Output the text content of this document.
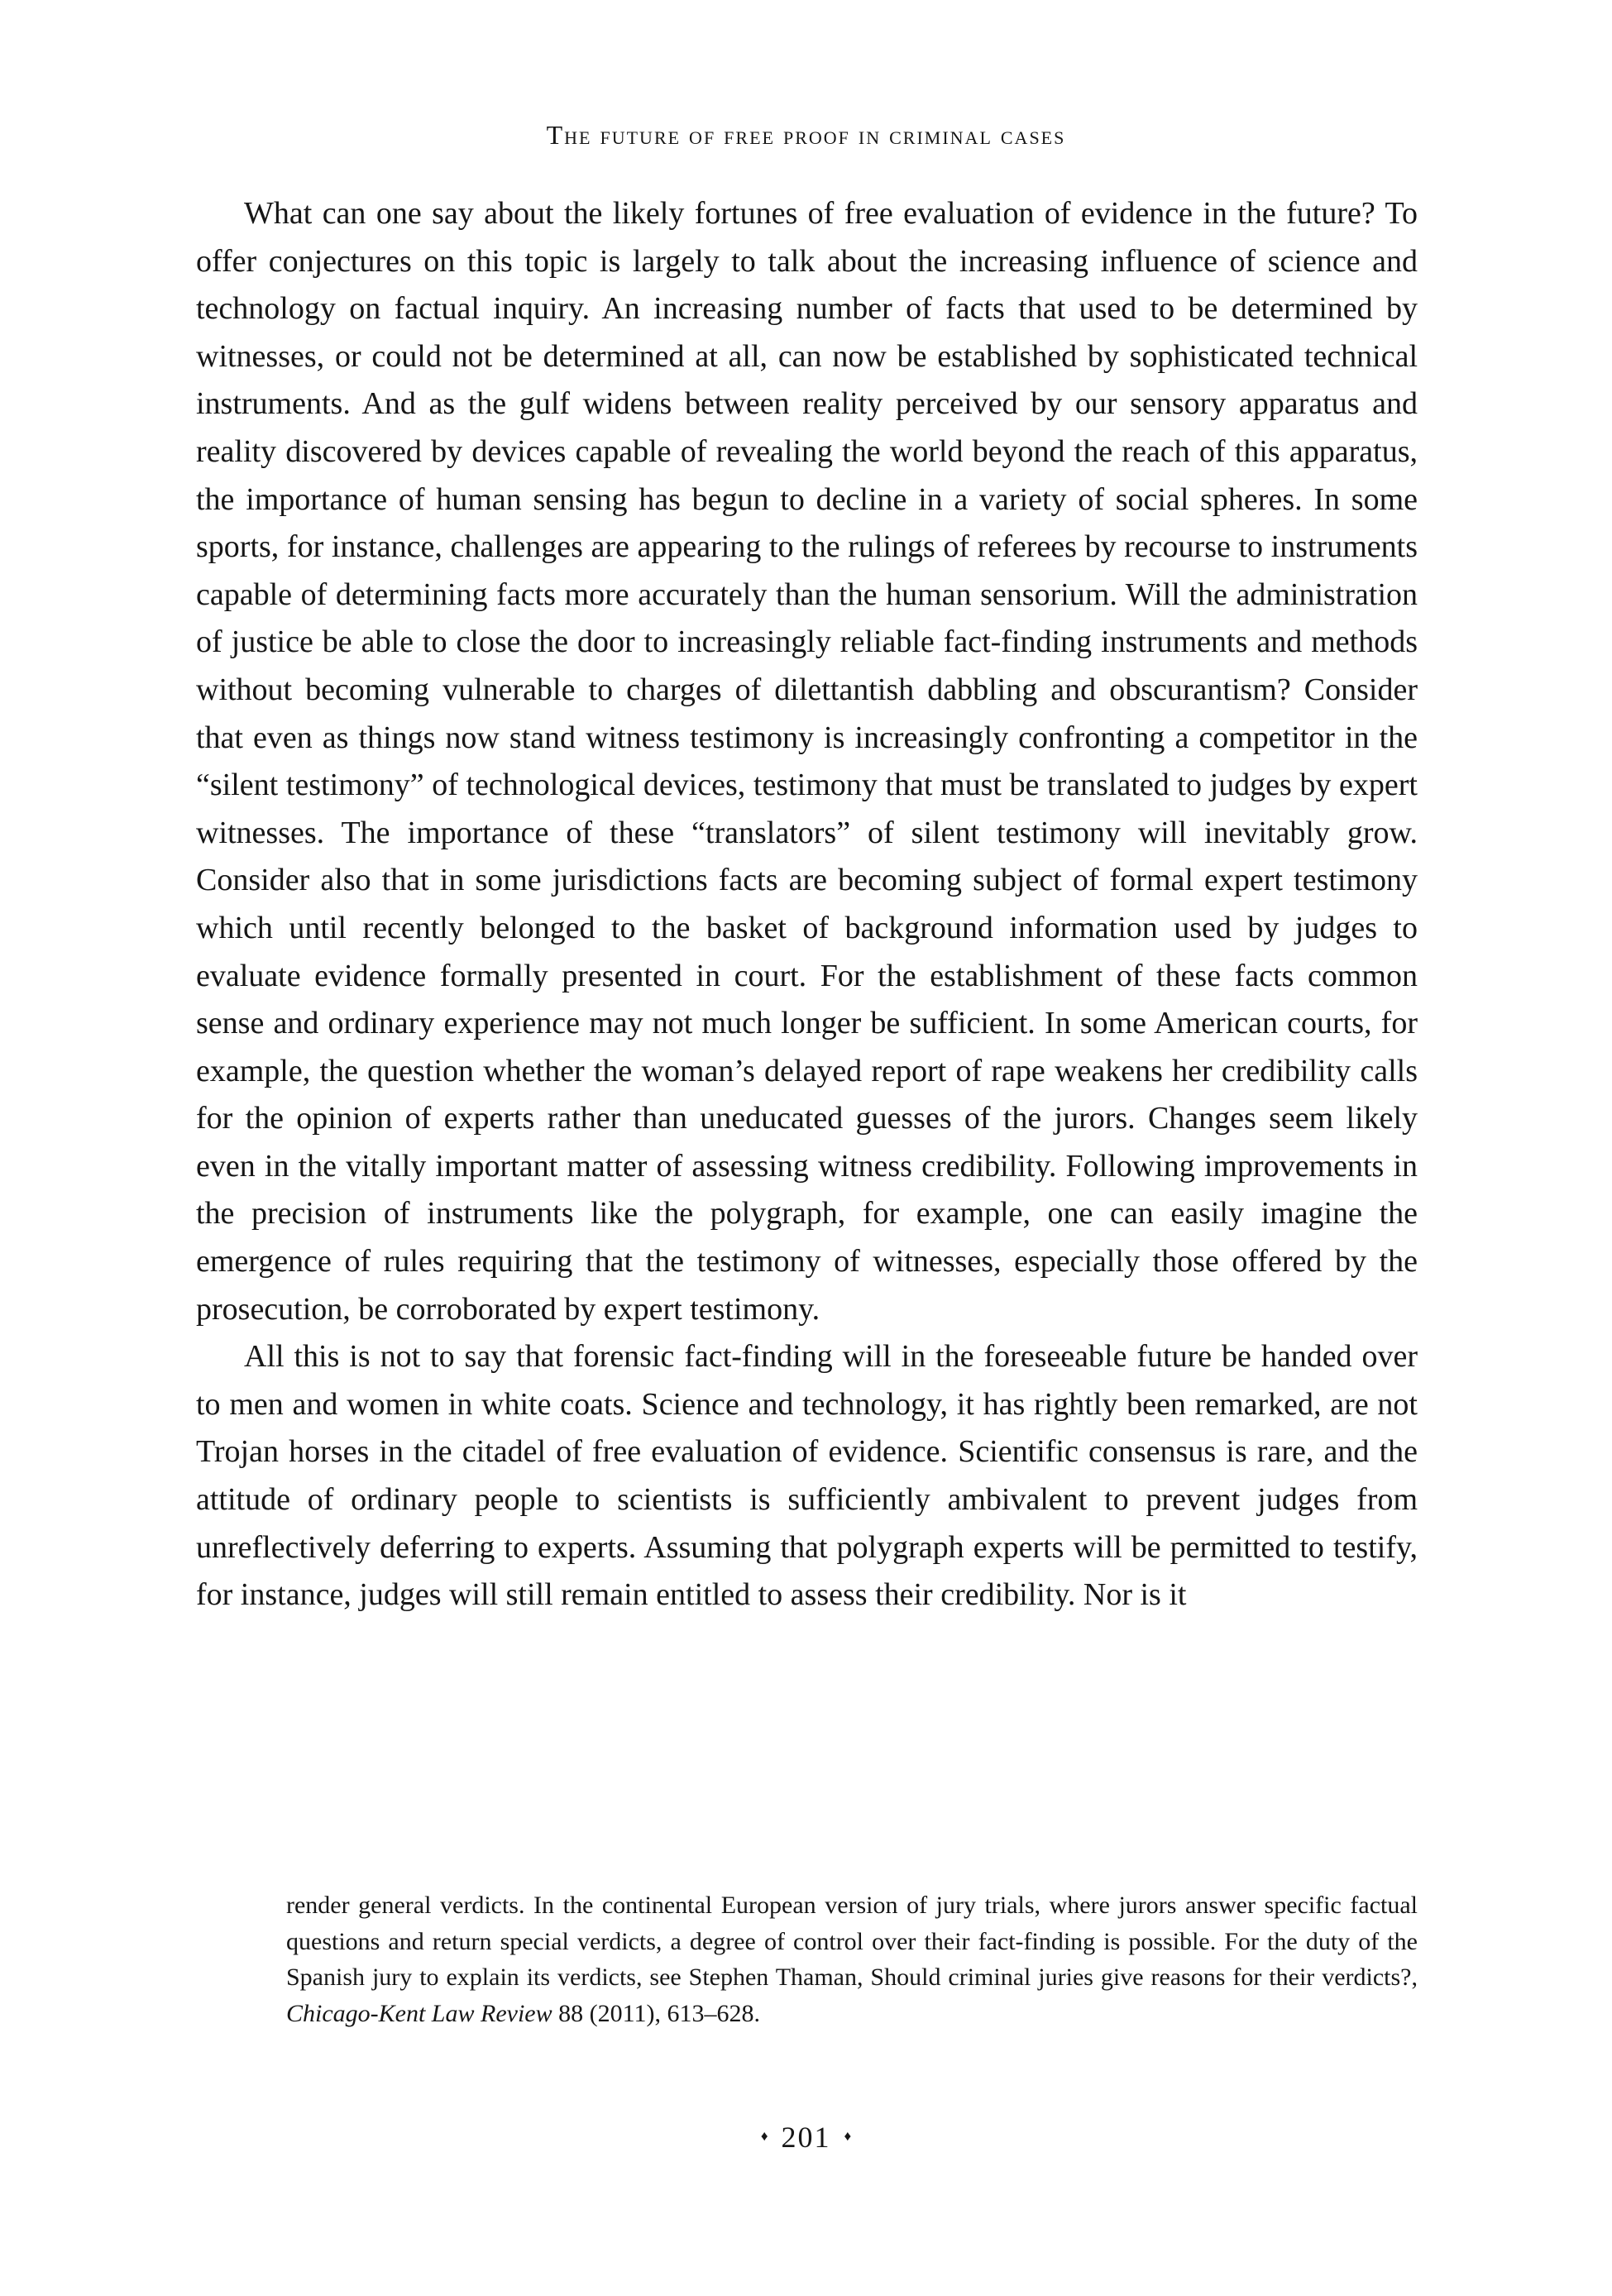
The future of free proof in criminal cases

What can one say about the likely fortunes of free evaluation of evidence in the future? To offer conjectures on this topic is largely to talk about the increasing influence of science and technology on factual inquiry. An increasing number of facts that used to be determined by witnesses, or could not be determined at all, can now be established by sophisticated technical instruments. And as the gulf widens between reality perceived by our sensory apparatus and reality discovered by devices capable of revealing the world beyond the reach of this apparatus, the importance of human sensing has begun to decline in a variety of social spheres. In some sports, for instance, challenges are appearing to the rulings of referees by recourse to instruments capable of determining facts more accurately than the human sensorium. Will the administration of justice be able to close the door to increasingly reliable fact-finding instruments and methods without becoming vulnerable to charges of dilettantish dabbling and obscurantism? Consider that even as things now stand witness testimony is increasingly confronting a competitor in the “silent testimony” of technological devices, testimony that must be translated to judges by expert witnesses. The importance of these “translators” of silent testimony will inevitably grow. Consider also that in some jurisdictions facts are becoming subject of formal expert testimony which until recently belonged to the basket of background information used by judges to evaluate evidence formally presented in court. For the establishment of these facts common sense and ordinary experience may not much longer be sufficient. In some American courts, for example, the question whether the woman’s delayed report of rape weakens her credibility calls for the opinion of experts rather than uneducated guesses of the jurors. Changes seem likely even in the vitally important matter of assessing witness credibility. Following improvements in the precision of instruments like the polygraph, for example, one can easily imagine the emergence of rules requiring that the testimony of witnesses, especially those offered by the prosecution, be corroborated by expert testimony.

All this is not to say that forensic fact-finding will in the foreseeable future be handed over to men and women in white coats. Science and technology, it has rightly been remarked, are not Trojan horses in the citadel of free evaluation of evidence. Scientific consensus is rare, and the attitude of ordinary people to scientists is sufficiently ambivalent to prevent judges from unreflectively deferring to experts. Assuming that polygraph experts will be permitted to testify, for instance, judges will still remain entitled to assess their credibility. Nor is it

render general verdicts. In the continental European version of jury trials, where jurors answer specific factual questions and return special verdicts, a degree of control over their fact-finding is possible. For the duty of the Spanish jury to explain its verdicts, see Stephen Thaman, Should criminal juries give reasons for their verdicts?, Chicago-Kent Law Review 88 (2011), 613–628.
♦ 201 ♦
